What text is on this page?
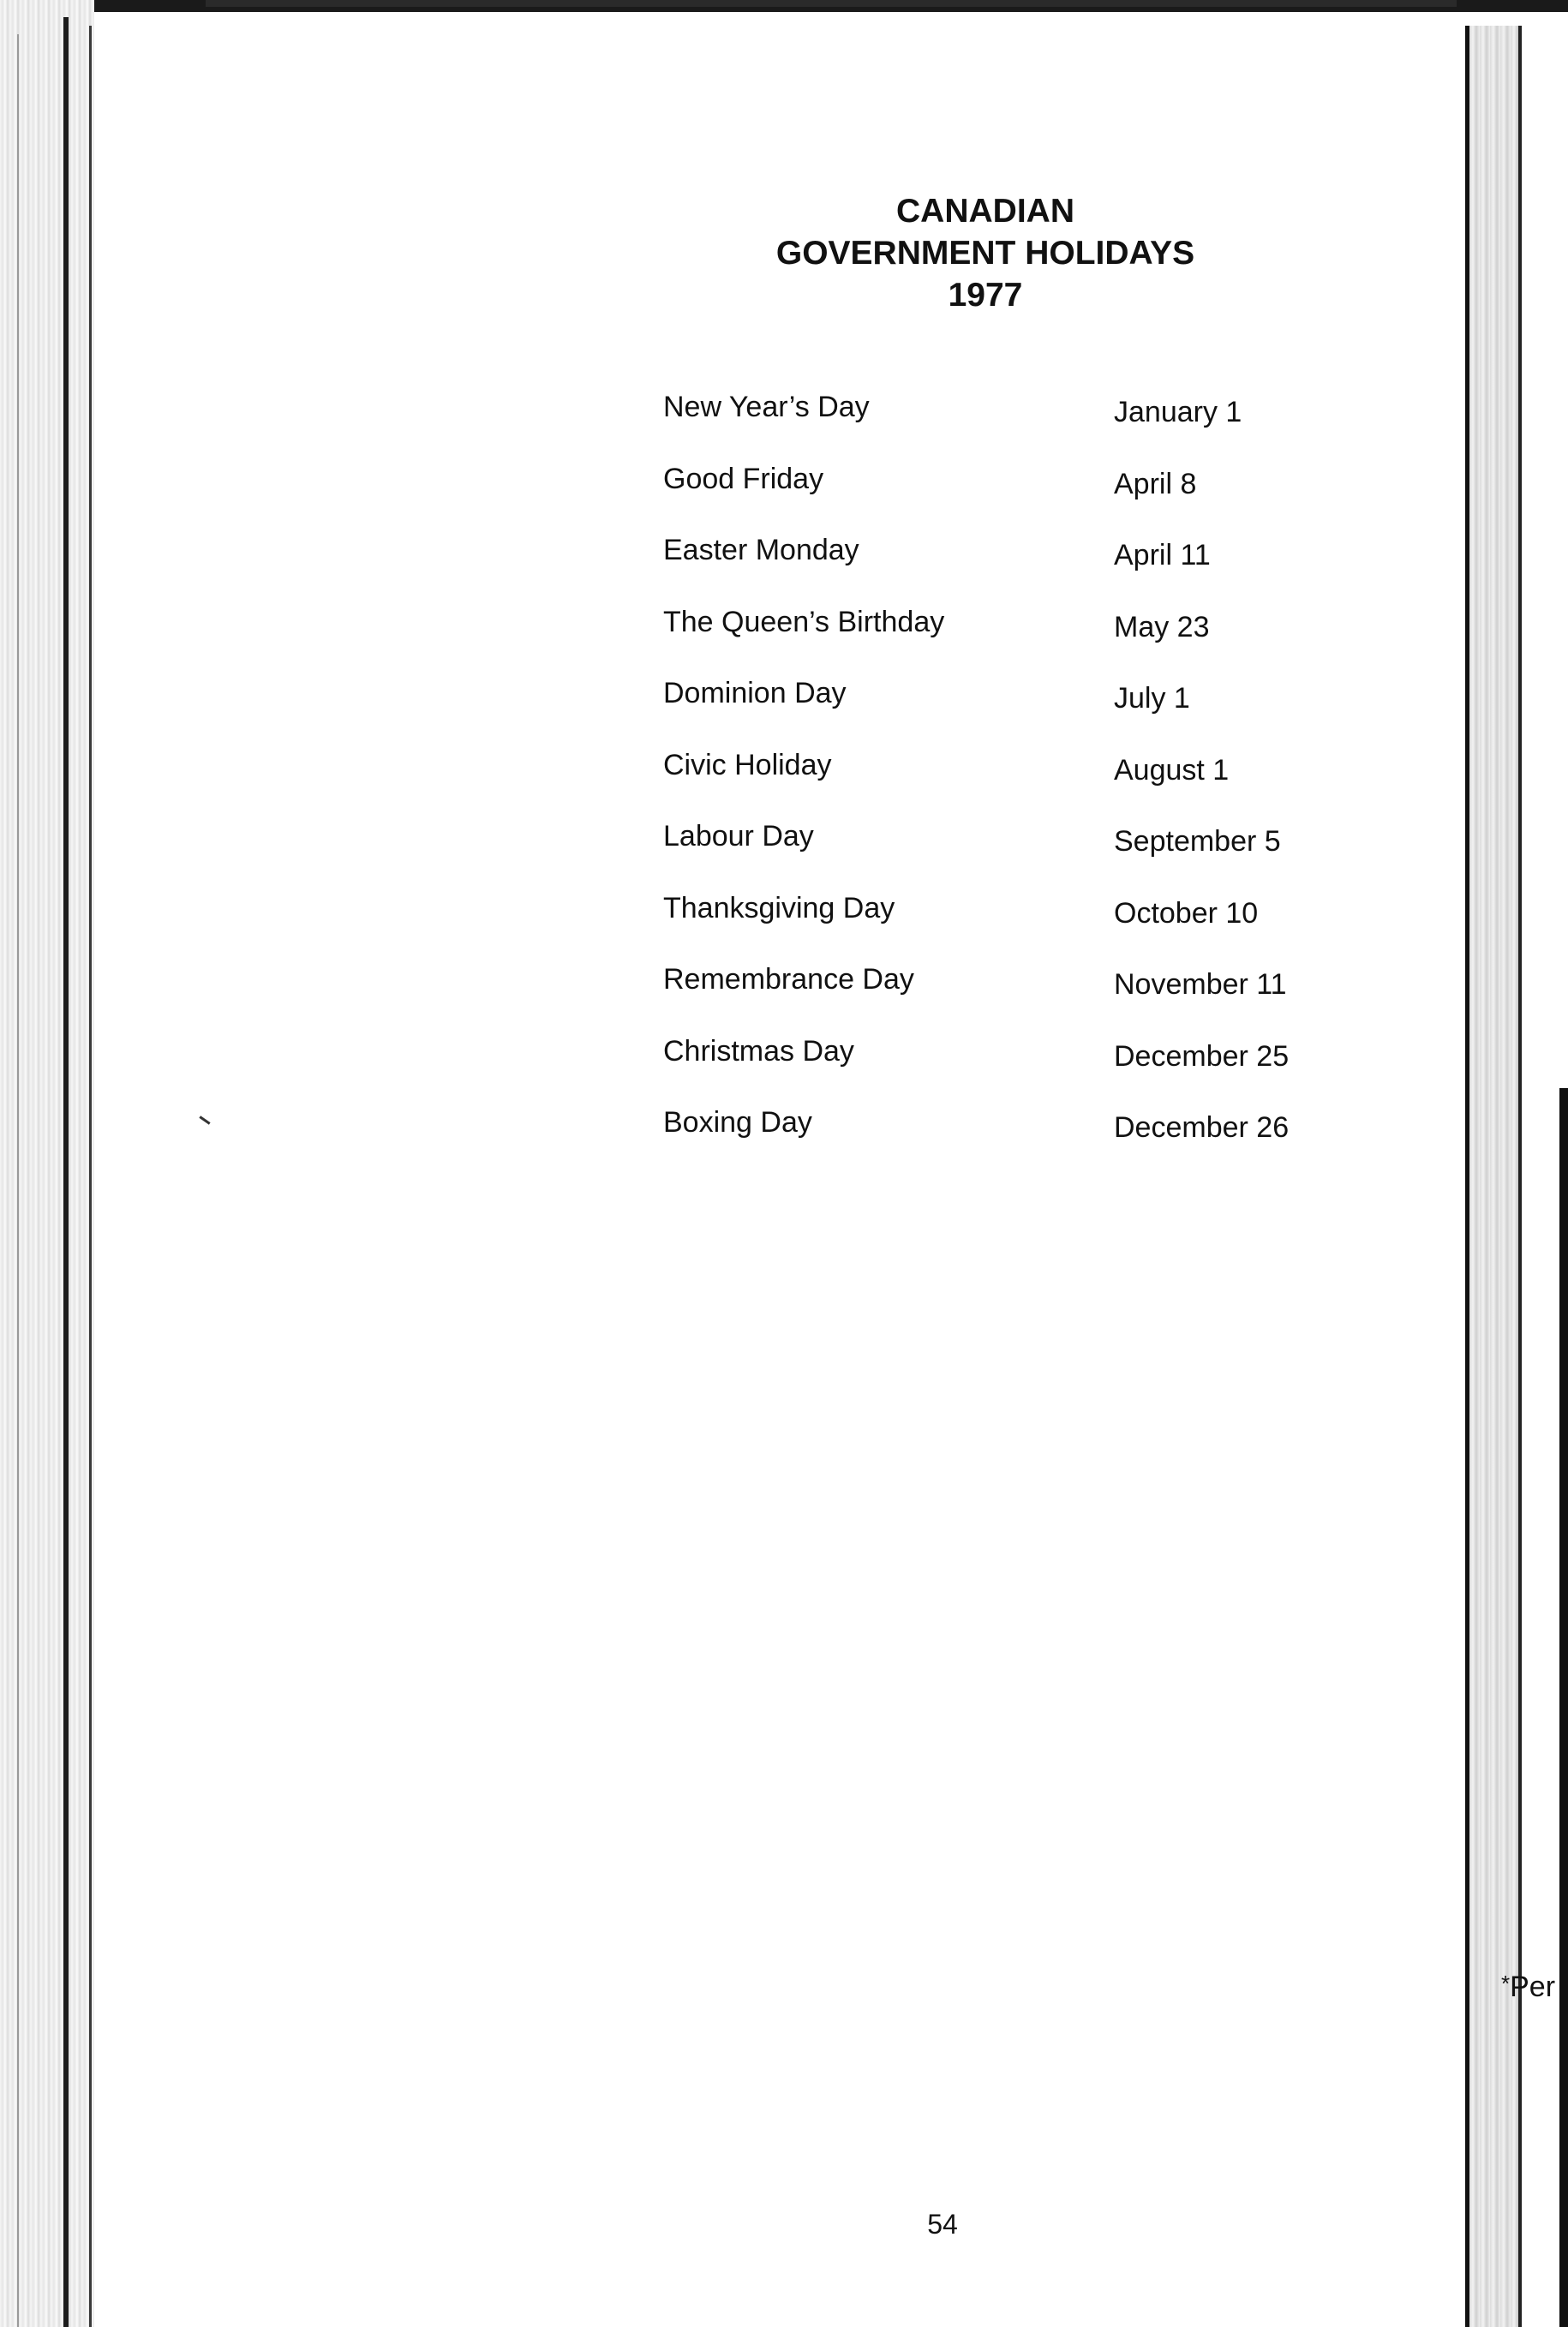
CANADIAN
GOVERNMENT HOLIDAYS
1977
New Year’s Day	January 1
Good Friday	April 8
Easter Monday	April 11
The Queen’s Birthday	May 23
Dominion Day	July 1
Civic Holiday	August 1
Labour Day	September 5
Thanksgiving Day	October 10
Remembrance Day	November 11
Christmas Day	December 25
Boxing Day	December 26
*Per
54
